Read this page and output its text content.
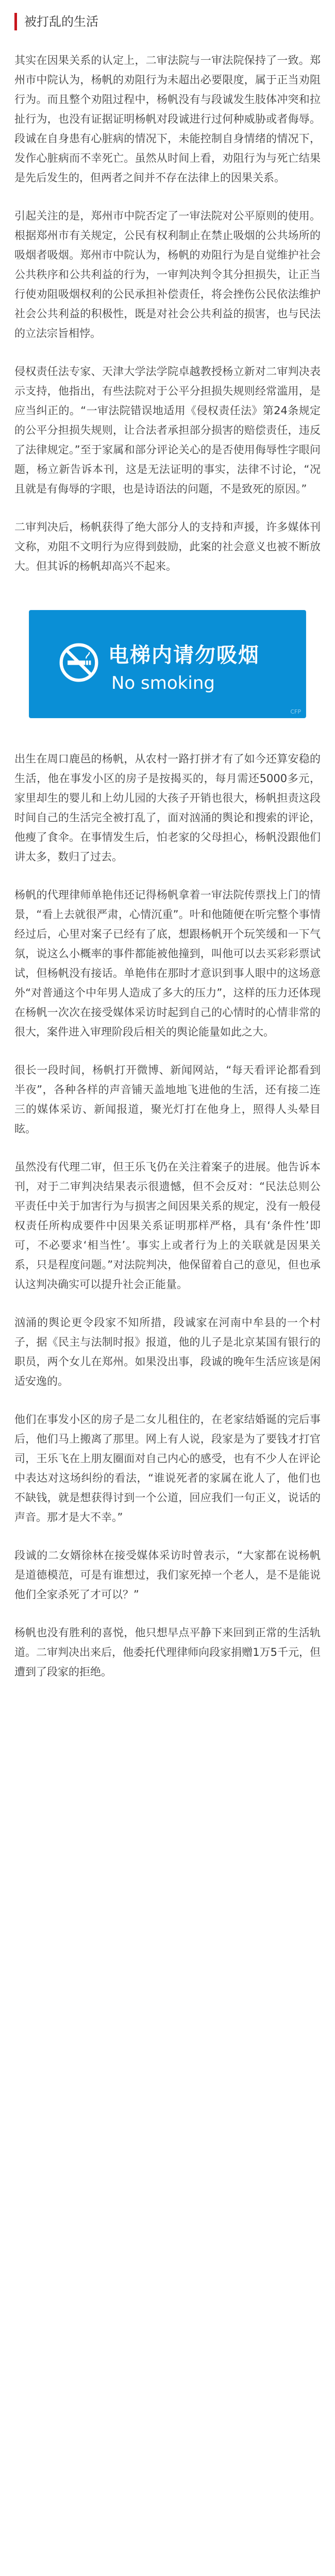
被打乱的生活

其实在因果关系的认定上，二审法院与一审法院保持了一致。郑州市中院认为，杨帆的劝阻行为未超出必要限度，属于正当劝阻行为。而且整个劝阻过程中，杨帆没有与段诚发生肢体冲突和拉扯行为，也没有证据证明杨帆对段诚进行过何种威胁或者侮辱。段诚在自身患有心脏病的情况下，未能控制自身情绪的情况下，发作心脏病而不幸死亡。虽然从时间上看，劝阻行为与死亡结果是先后发生的，但两者之间并不存在法律上的因果关系。

引起关注的是，郑州市中院否定了一审法院对公平原则的使用。根据郑州市有关规定，公民有权利制止在禁止吸烟的公共场所的吸烟者吸烟。郑州市中院认为，杨帆的劝阻行为是自觉维护社会公共秩序和公共利益的行为，一审判决判令其分担损失，让正当行使劝阻吸烟权利的公民承担补偿责任，将会挫伤公民依法维护社会公共利益的积极性，既是对社会公共利益的损害，也与民法的立法宗旨相悖。

侵权责任法专家、天津大学法学院卓越教授杨立新对二审判决表示支持，他指出，有些法院对于公平分担损失规则经常滥用，是应当纠正的。“一审法院错误地适用《侵权责任法》第24条规定的公平分担损失规则，让合法者承担部分损害的赔偿责任，违反了法律规定。”至于家属和部分评论关心的是否使用侮辱性字眼问题，杨立新告诉本刊，这是无法证明的事实，法律不讨论，“况且就是有侮辱的字眼，也是诗语法的问题，不是致死的原因。”

二审判决后，杨帆获得了绝大部分人的支持和声援，许多媒体刊文称，劝阻不文明行为应得到鼓励，此案的社会意义也被不断放大。但其诉的杨帆却高兴不起来。

电梯内请勿吸烟
No smoking
CFP

出生在周口鹿邑的杨帆，从农村一路打拼才有了如今还算安稳的生活，他在事发小区的房子是按揭买的，每月需还5000多元，家里却生的婴儿和上幼儿园的大孩子开销也很大，杨帆担责这段时间自己的生活完全被打乱了，面对汹涌的舆论和搜索的评论，他瘦了食伞。在事情发生后，怕老家的父母担心，杨帆没跟他们讲太多，数归了过去。

杨帆的代理律师单艳伟还记得杨帆拿着一审法院传票找上门的情景，“看上去就很严肃，心情沉重”。叶和他随便在听完整个事情经过后，心里对案子已经有了底，想跟杨帆开个玩笑缓和一下气氛，说这么小概率的事件都能被他撞到，叫他可以去买彩彩票试试，但杨帆没有接话。单艳伟在那时才意识到事人眼中的这场意外“对普通这个中年男人造成了多大的压力”，这样的压力还体现在杨帆一次次在接受媒体采访时起到自己的心情时的心情非常的很大，案件进入审理阶段后相关的舆论能量如此之大。

很长一段时间，杨帆打开微博、新闻网站，“每天看评论都看到半夜”，各种各样的声音铺天盖地地飞进他的生活，还有接二连三的媒体采访、新闻报道，聚光灯打在他身上，照得人头晕目眩。

虽然没有代理二审，但王乐飞仍在关注着案子的进展。他告诉本刊，对于二审判决结果表示很遗憾，但不会反对：“民法总则公平责任中关于加害行为与损害之间因果关系的规定，没有一般侵权责任所构成要件中因果关系证明那样严格，具有‘条件性’即可，不必要求‘相当性’。事实上或者行为上的关联就是因果关系，只是程度问题。”对法院判决，他保留着自己的意见，但也承认这判决确实可以提升社会正能量。

汹涌的舆论更令段家不知所措，段诚家在河南中牟县的一个村子，据《民主与法制时报》报道，他的儿子是北京某国有银行的职员，两个女儿在郑州。如果没出事，段诚的晚年生活应该是闲适安逸的。

他们在事发小区的房子是二女儿租住的，在老家结婚诞的完后事后，他们马上搬离了那里。网上有人说，段家是为了要钱才打官司，王乐飞在上朋友圈面对自己内心的感受，也有不少人在评论中表达对这场纠纷的看法，“谁说死者的家属在讹人了，他们也不缺钱，就是想获得讨到一个公道，回应我们一句正义，说话的声音。那才是大不幸。”

段诚的二女婿徐林在接受媒体采访时曾表示，“大家都在说杨帆是道德模范，可是有谁想过，我们家死掉一个老人，是不是能说他们全家杀死了才可以？”

杨帆也没有胜利的喜悦，他只想早点平静下来回到正常的生活轨道。二审判决出来后，他委托代理律师向段家捐赠1万5千元，但遭到了段家的拒绝。
